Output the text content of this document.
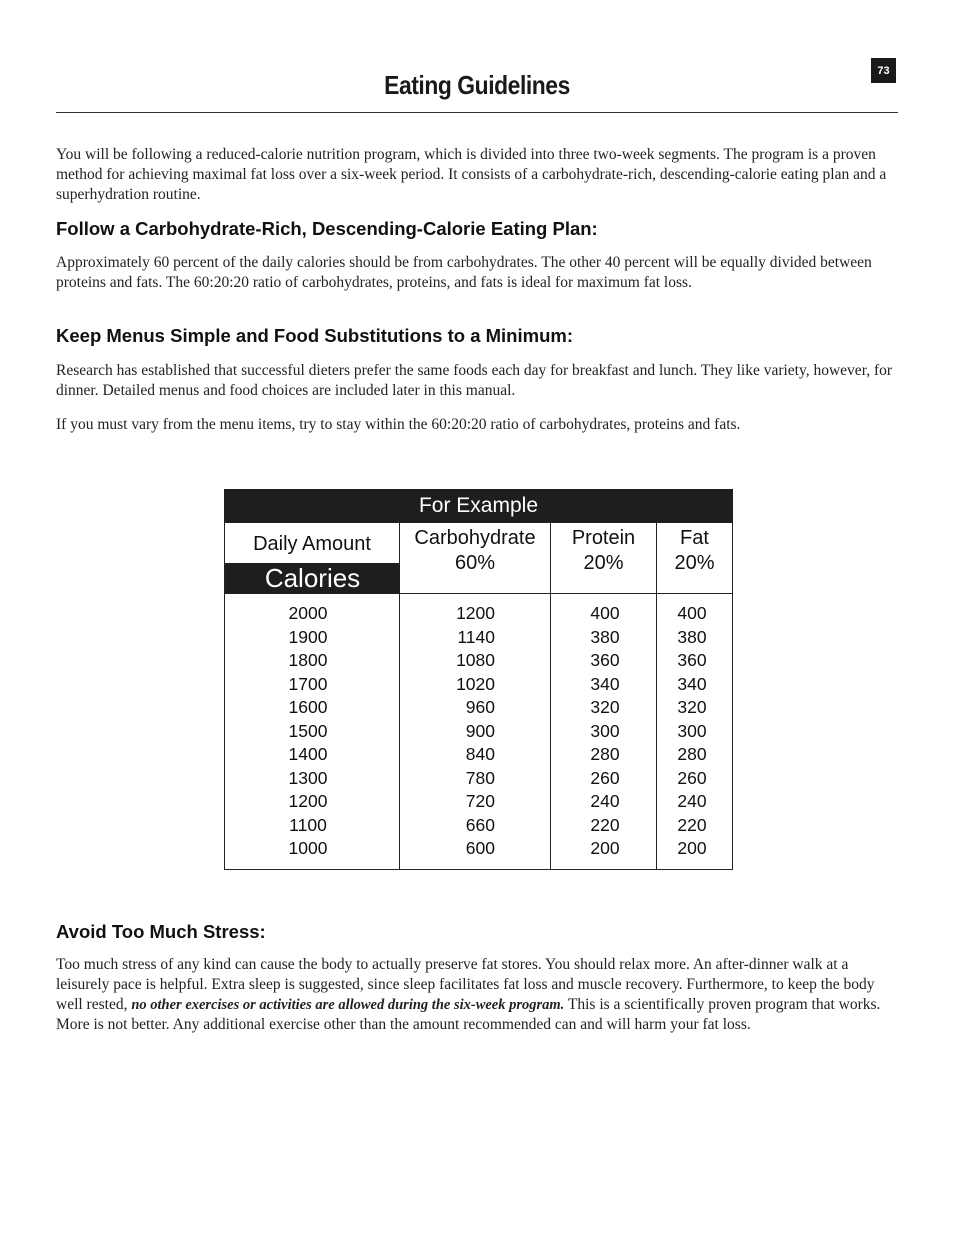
73
Eating Guidelines
You will be following a reduced-calorie nutrition program, which is divided into three two-week segments. The program is a proven method for achieving maximal fat loss over a six-week period. It consists of a carbohydrate-rich, descending-calorie eating plan and a superhydration routine.
Follow a Carbohydrate-Rich, Descending-Calorie Eating Plan:
Approximately 60 percent of the daily calories should be from carbohydrates. The other 40 percent will be equally divided between proteins and fats. The 60:20:20 ratio of carbohydrates, proteins, and fats is ideal for maximum fat loss.
Keep Menus Simple and Food Substitutions to a Minimum:
Research has established that successful dieters prefer the same foods each day for breakfast and lunch. They like variety, however, for dinner. Detailed menus and food choices are included later in this manual.
If you must vary from the menu items, try to stay within the 60:20:20 ratio of carbohydrates, proteins and fats.
For Example
Daily Amount
Calories
Carbohydrate
60%
Protein
20%
Fat
20%
2000
1900
1800
1700
1600
1500
1400
1300
1200
1100
1000
1200
1140
1080
1020
960
900
840
780
720
660
600
400
380
360
340
320
300
280
260
240
220
200
400
380
360
340
320
300
280
260
240
220
200
Avoid Too Much Stress:
Too much stress of any kind can cause the body to actually preserve fat stores. You should relax more. An after-dinner walk at a leisurely pace is helpful. Extra sleep is suggested, since sleep facilitates fat loss and muscle recovery. Furthermore, to keep the body well rested, no other exercises or activities are allowed during the six-week program. This is a scientifically proven program that works. More is not better. Any additional exercise other than the amount recommended can and will harm your fat loss.
